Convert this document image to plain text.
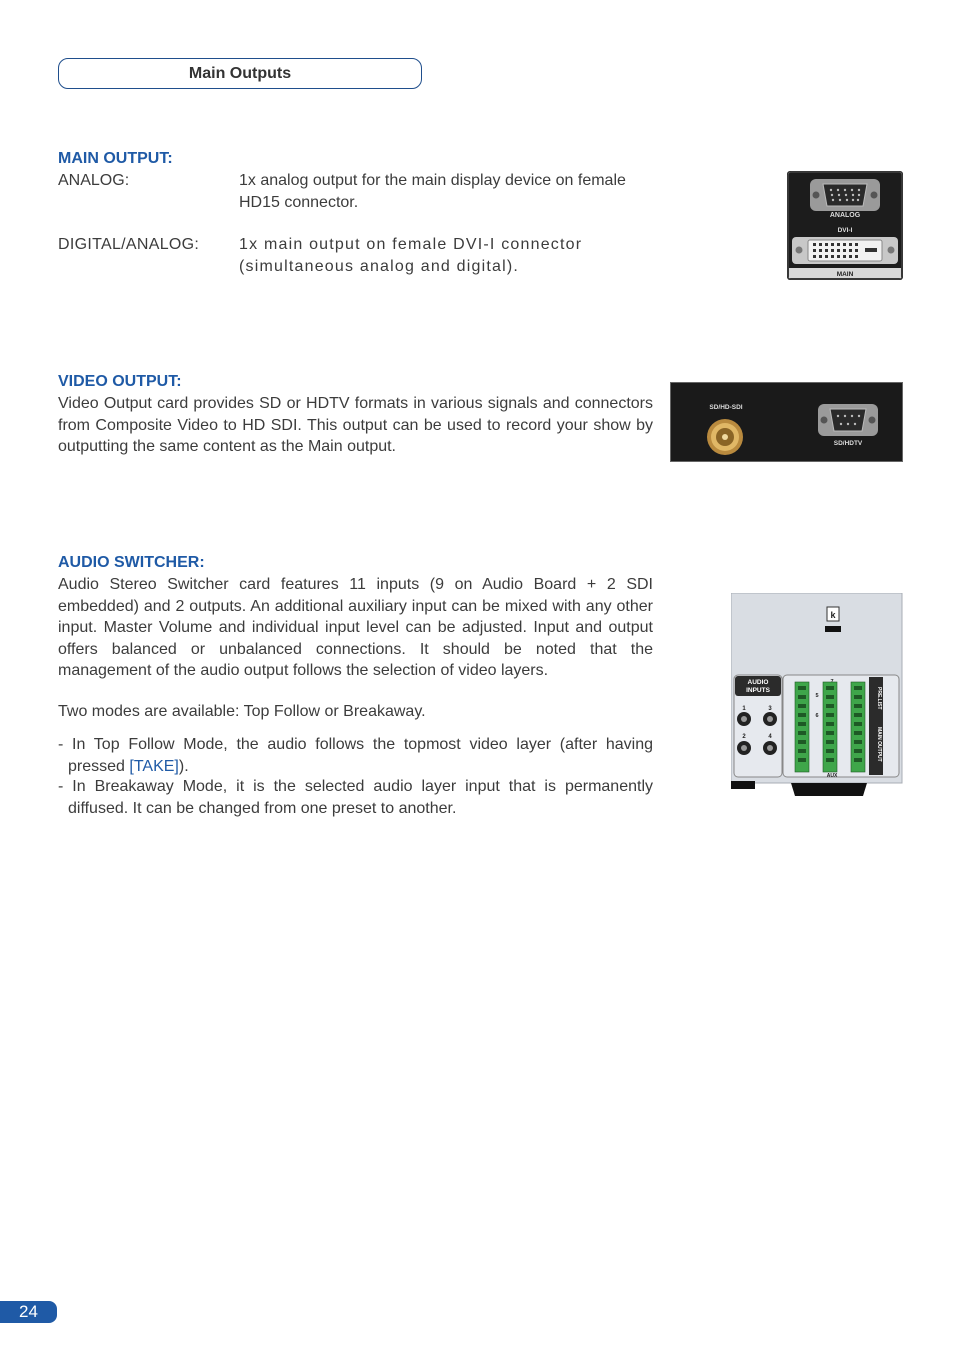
Main Outputs
MAIN OUTPUT:
ANALOG:	1x analog output for the main display device on female HD15 connector.
DIGITAL/ANALOG: 1x main output on female DVI-I connector (simultaneous analog and digital).
ANALOG
DVI-I
MAIN
VIDEO OUTPUT:
Video Output card provides SD or HDTV formats in various signals and connectors from Composite Video to HD SDI. This output can be used to record your show by outputting the same content as the Main output.
SD/HD-SDI
SD/HDTV
AUDIO SWITCHER:
Audio Stereo Switcher card features 11 inputs (9 on Audio Board + 2 SDI embedded) and 2 outputs. An additional auxiliary input can be mixed with any other input. Master Volume and individual input level can be adjusted. Input and output offers balanced or unbalanced connections. It should be noted that the management of the audio output follows the selection of video layers.
Two modes are available: Top Follow or Breakaway.
- In Top Follow Mode, the audio follows the topmost video layer (after having pressed [TAKE]).
- In Breakaway Mode, it is the selected audio layer input that is permanently diffused. It can be changed from one preset to another.
k
AUDIO
INPUTS
1	3
2	4
5
6
AUX
PRE.LIST
MAIN OUTPUT
24
